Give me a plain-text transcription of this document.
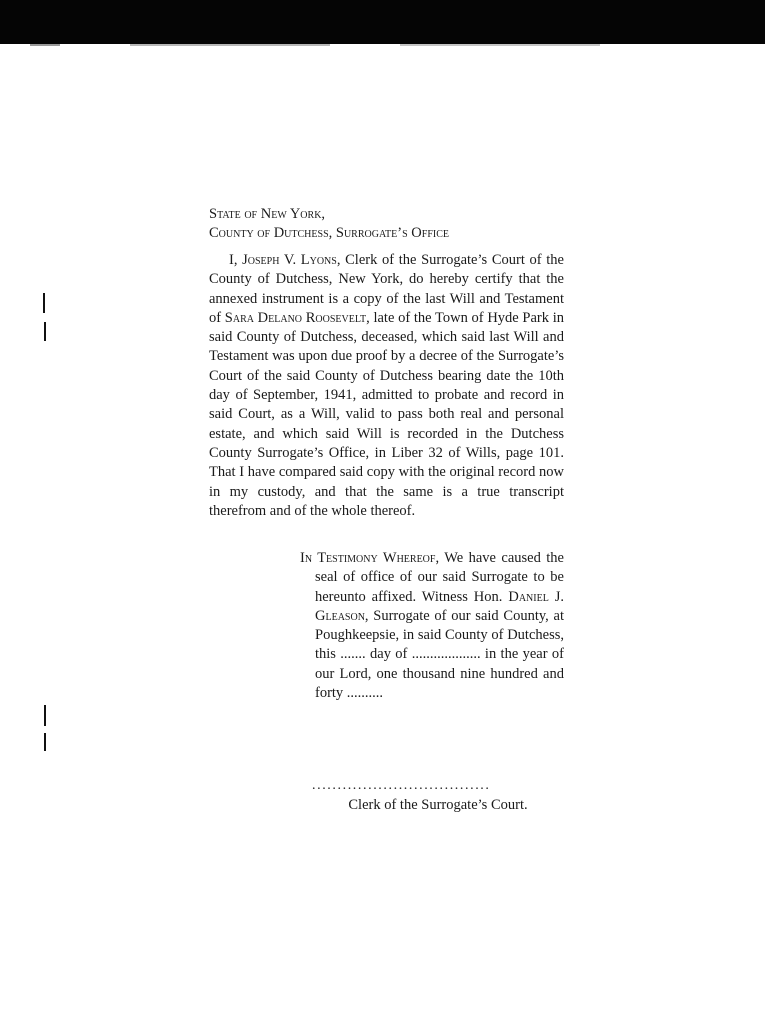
State of New York,
County of Dutchess, Surrogate’s Office

I, Joseph V. Lyons, Clerk of the Surrogate’s Court of the County of Dutchess, New York, do hereby certify that the annexed instrument is a copy of the last Will and Testament of Sara Delano Roosevelt, late of the Town of Hyde Park in said County of Dutchess, deceased, which said last Will and Testament was upon due proof by a decree of the Surrogate’s Court of the said County of Dutchess bearing date the 10th day of September, 1941, admitted to probate and record in said Court, as a Will, valid to pass both real and personal estate, and which said Will is recorded in the Dutchess County Surrogate’s Office, in Liber 32 of Wills, page 101. That I have compared said copy with the original record now in my custody, and that the same is a true transcript therefrom and of the whole thereof.

In Testimony Whereof, We have caused the seal of office of our said Surrogate to be hereunto affixed. Witness Hon. Daniel J. Gleason, Surrogate of our said County, at Poughkeepsie, in said County of Dutchess, this ....... day of ................... in the year of our Lord, one thousand nine hundred and forty ..........

...................................
Clerk of the Surrogate’s Court.
